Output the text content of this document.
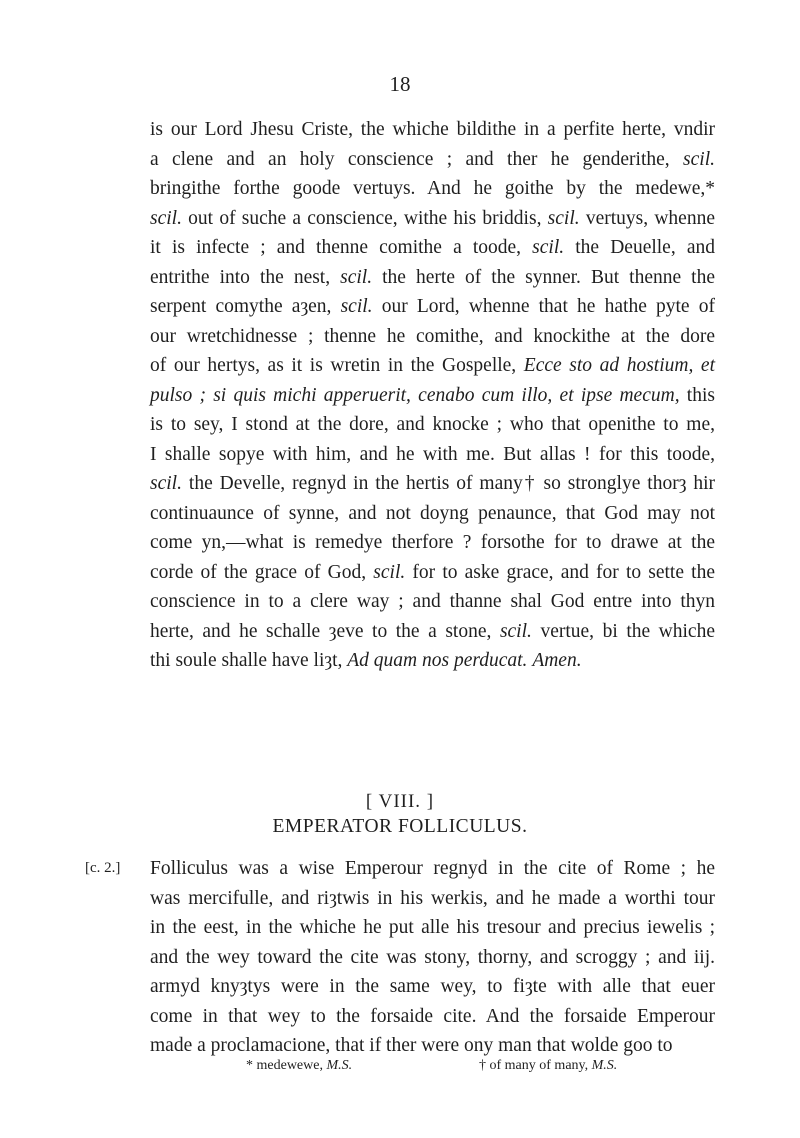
18
is our Lord Jhesu Criste, the whiche bildithe in a perfite herte, vndir
a clene and an holy conscience ; and ther he genderithe, scil.
bringithe forthe goode vertuys. And he goithe by the medewe,*
scil. out of suche a conscience, withe his briddis, scil. vertuys, whenne
it is infecte ; and thenne comithe a toode, scil. the Deuelle, and
entrithe into the nest, scil. the herte of the synner. But thenne the
serpent comythe aȝen, scil. our Lord, whenne that he hathe pyte of
our wretchidnesse ; thenne he comithe, and knockithe at the dore
of our hertys, as it is wretin in the Gospelle, Ecce sto ad hostium, et
pulso ; si quis michi apperuerit, cenabo cum illo, et ipse mecum, this
is to sey, I stond at the dore, and knocke ; who that openithe to me,
I shalle sopye with him, and he with me. But allas ! for this toode,
scil. the Develle, regnyd in the hertis of many† so stronglye thorȝ hir
continuaunce of synne, and not doyng penaunce, that God may not
come yn,—what is remedye therfore ? forsothe for to drawe at the
corde of the grace of God, scil. for to aske grace, and for to sette the
conscience in to a clere way ; and thanne shal God entre into thyn
herte, and he schalle ȝeve to the a stone, scil. vertue, bi the whiche
thi soule shalle have liȝt, Ad quam nos perducat. Amen.
[ VIII. ]
EMPERATOR FOLLICULUS.
[c. 2.] Folliculus was a wise Emperour regnyd in the cite of Rome ; he
was mercifulle, and riȝtwis in his werkis, and he made a worthi tour
in the eest, in the whiche he put alle his tresour and precius iewelis ;
and the wey toward the cite was stony, thorny, and scroggy ; and iij.
armyd knyȝtys were in the same wey, to fiȝte with alle that euer
come in that wey to the forsaide cite. And the forsaide Emperour
made a proclamacione, that if ther were ony man that wolde goo to
* medewewe, M.S.	† of many of many, M.S.
